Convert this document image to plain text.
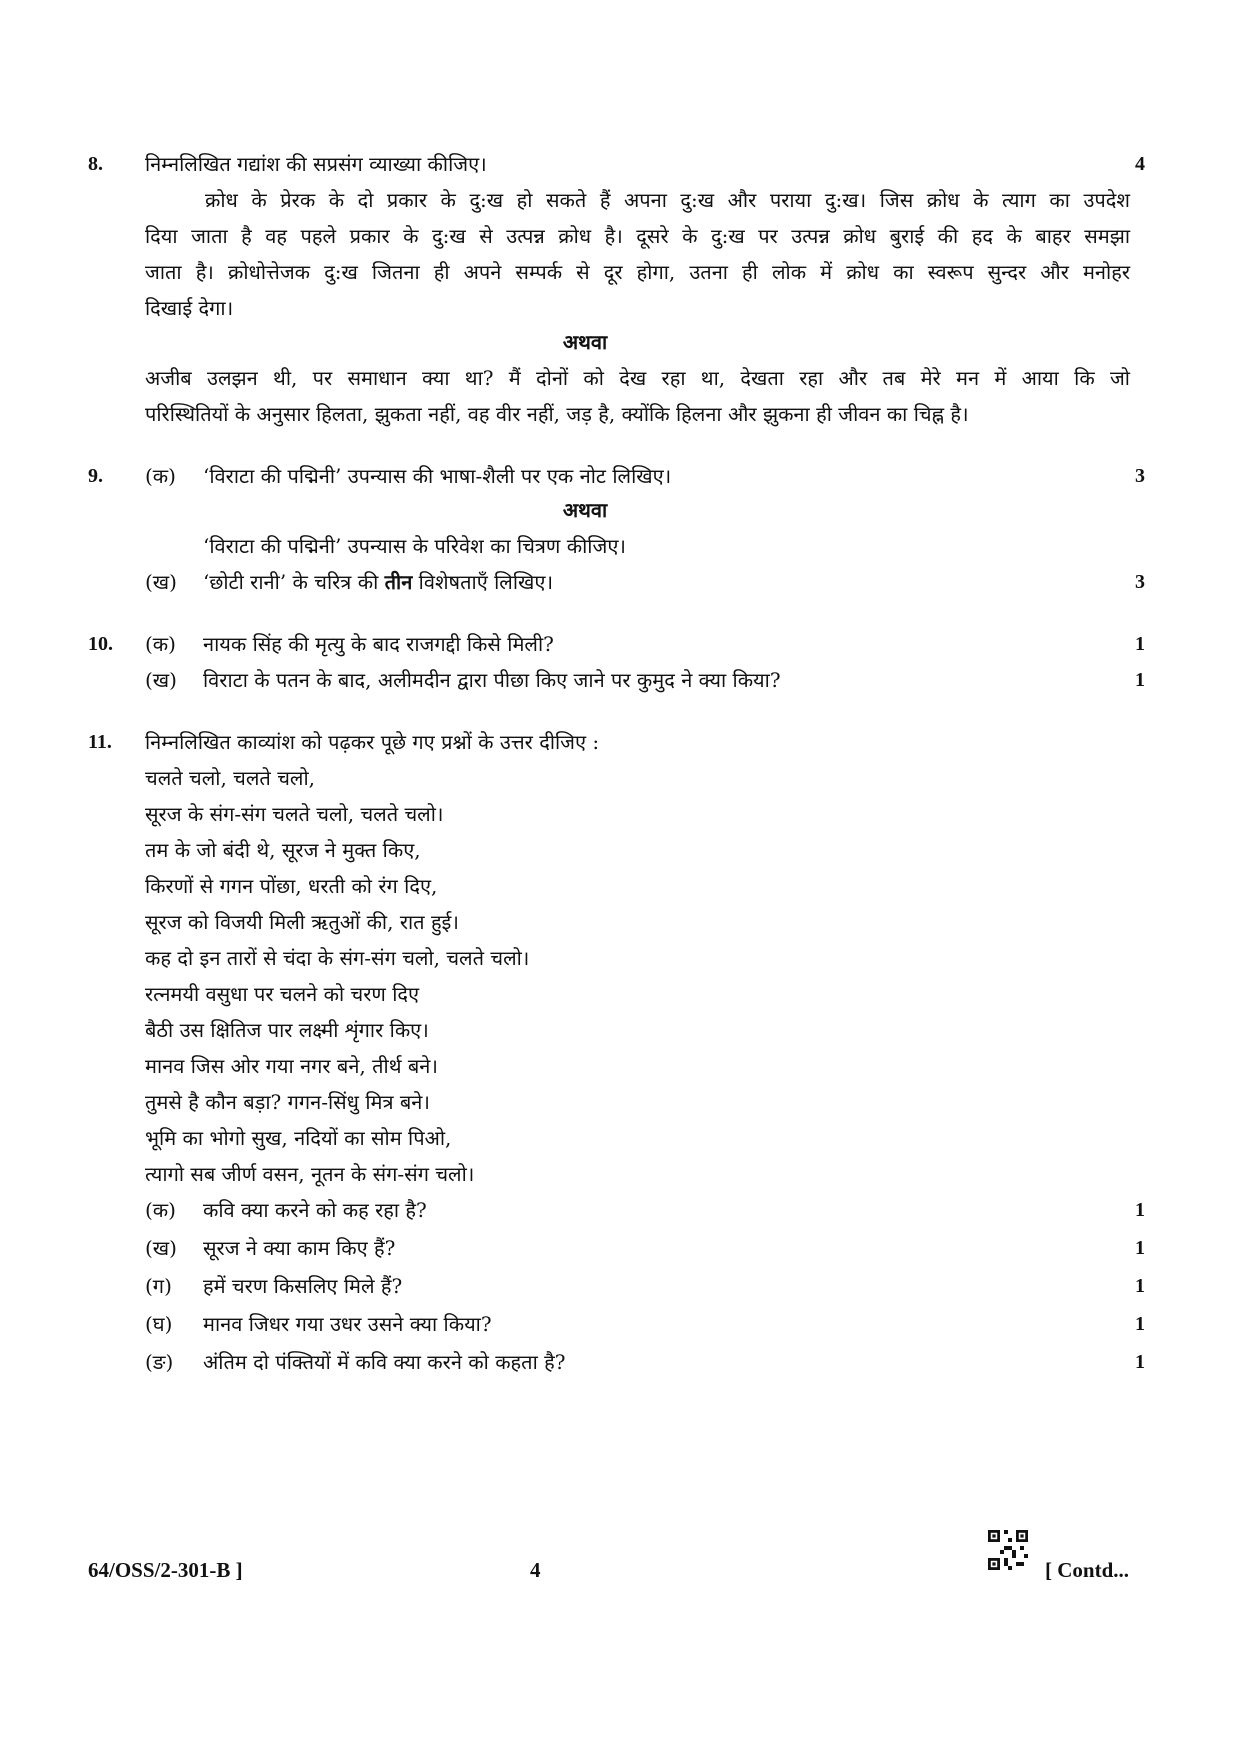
8. निम्नलिखित गद्यांश की सप्रसंग व्याख्या कीजिए।	4
क्रोध के प्रेरक के दो प्रकार के दु:ख हो सकते हैं अपना दु:ख और पराया दु:ख। जिस क्रोध के त्याग का उपदेश
दिया जाता है वह पहले प्रकार के दु:ख से उत्पन्न क्रोध है। दूसरे के दु:ख पर उत्पन्न क्रोध बुराई की हद के बाहर समझा
जाता है। क्रोधोत्तेजक दु:ख जितना ही अपने सम्पर्क से दूर होगा, उतना ही लोक में क्रोध का स्वरूप सुन्दर और मनोहर
दिखाई देगा।
अथवा
अजीब उलझन थी, पर समाधान क्या था? मैं दोनों को देख रहा था, देखता रहा और तब मेरे मन में आया कि जो
परिस्थितियों के अनुसार हिलता, झुकता नहीं, वह वीर नहीं, जड़ है, क्योंकि हिलना और झुकना ही जीवन का चिह्न है।
9. (क) ‘विराटा की पद्मिनी’ उपन्यास की भाषा-शैली पर एक नोट लिखिए।	3
अथवा
‘विराटा की पद्मिनी’ उपन्यास के परिवेश का चित्रण कीजिए।
(ख) ‘छोटी रानी’ के चरित्र की तीन विशेषताएँ लिखिए।	3
10. (क) नायक सिंह की मृत्यु के बाद राजगद्दी किसे मिली?	1
(ख) विराटा के पतन के बाद, अलीमदीन द्वारा पीछा किए जाने पर कुमुद ने क्या किया?	1
11. निम्नलिखित काव्यांश को पढ़कर पूछे गए प्रश्नों के उत्तर दीजिए :
चलते चलो, चलते चलो,
सूरज के संग-संग चलते चलो, चलते चलो।
तम के जो बंदी थे, सूरज ने मुक्त किए,
किरणों से गगन पोंछा, धरती को रंग दिए,
सूरज को विजयी मिली ऋतुओं की, रात हुई।
कह दो इन तारों से चंदा के संग-संग चलो, चलते चलो।
रत्नमयी वसुधा पर चलने को चरण दिए
बैठी उस क्षितिज पार लक्ष्मी शृंगार किए।
मानव जिस ओर गया नगर बने, तीर्थ बने।
तुमसे है कौन बड़ा? गगन-सिंधु मित्र बने।
भूमि का भोगो सुख, नदियों का सोम पिओ,
त्यागो सब जीर्ण वसन, नूतन के संग-संग चलो।
(क) कवि क्या करने को कह रहा है?	1
(ख) सूरज ने क्या काम किए हैं?	1
(ग) हमें चरण किसलिए मिले हैं?	1
(घ) मानव जिधर गया उधर उसने क्या किया?	1
(ङ) अंतिम दो पंक्तियों में कवि क्या करने को कहता है?	1
64/OSS/2-301-B ]	4	[ Contd...
